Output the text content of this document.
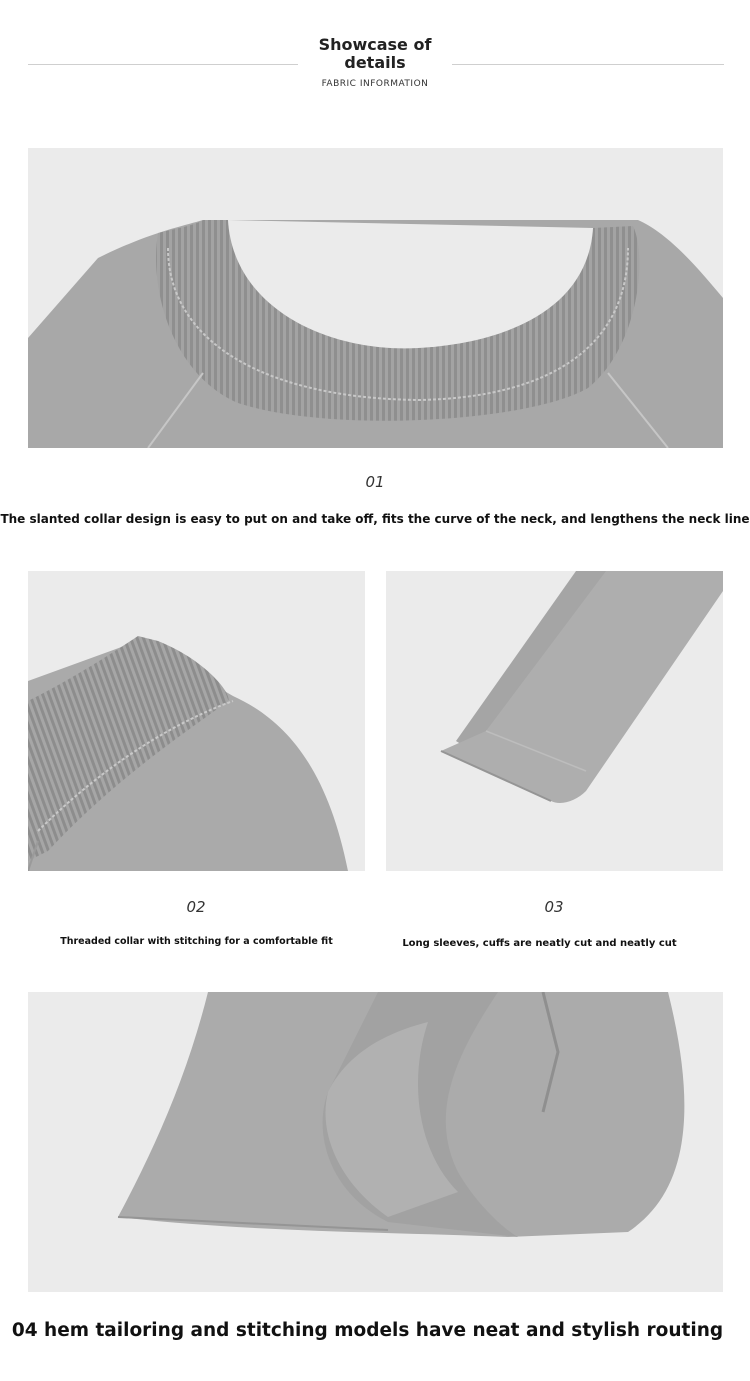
Showcase of details
FABRIC INFORMATION
01
The slanted collar design is easy to put on and take off, fits the curve of the neck, and lengthens the neck line
02
Threaded collar with stitching for a comfortable fit
03
Long sleeves, cuffs are neatly cut and neatly cut
04 hem tailoring and stitching models have neat and stylish routing
